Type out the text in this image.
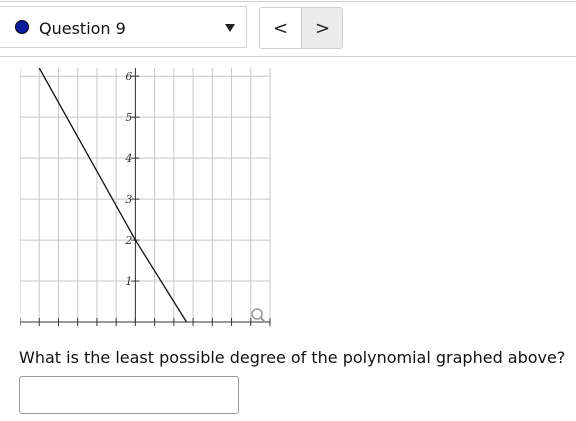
Question 9	< >
1
2
3
4
5
6
What is the least possible degree of the polynomial graphed above?
